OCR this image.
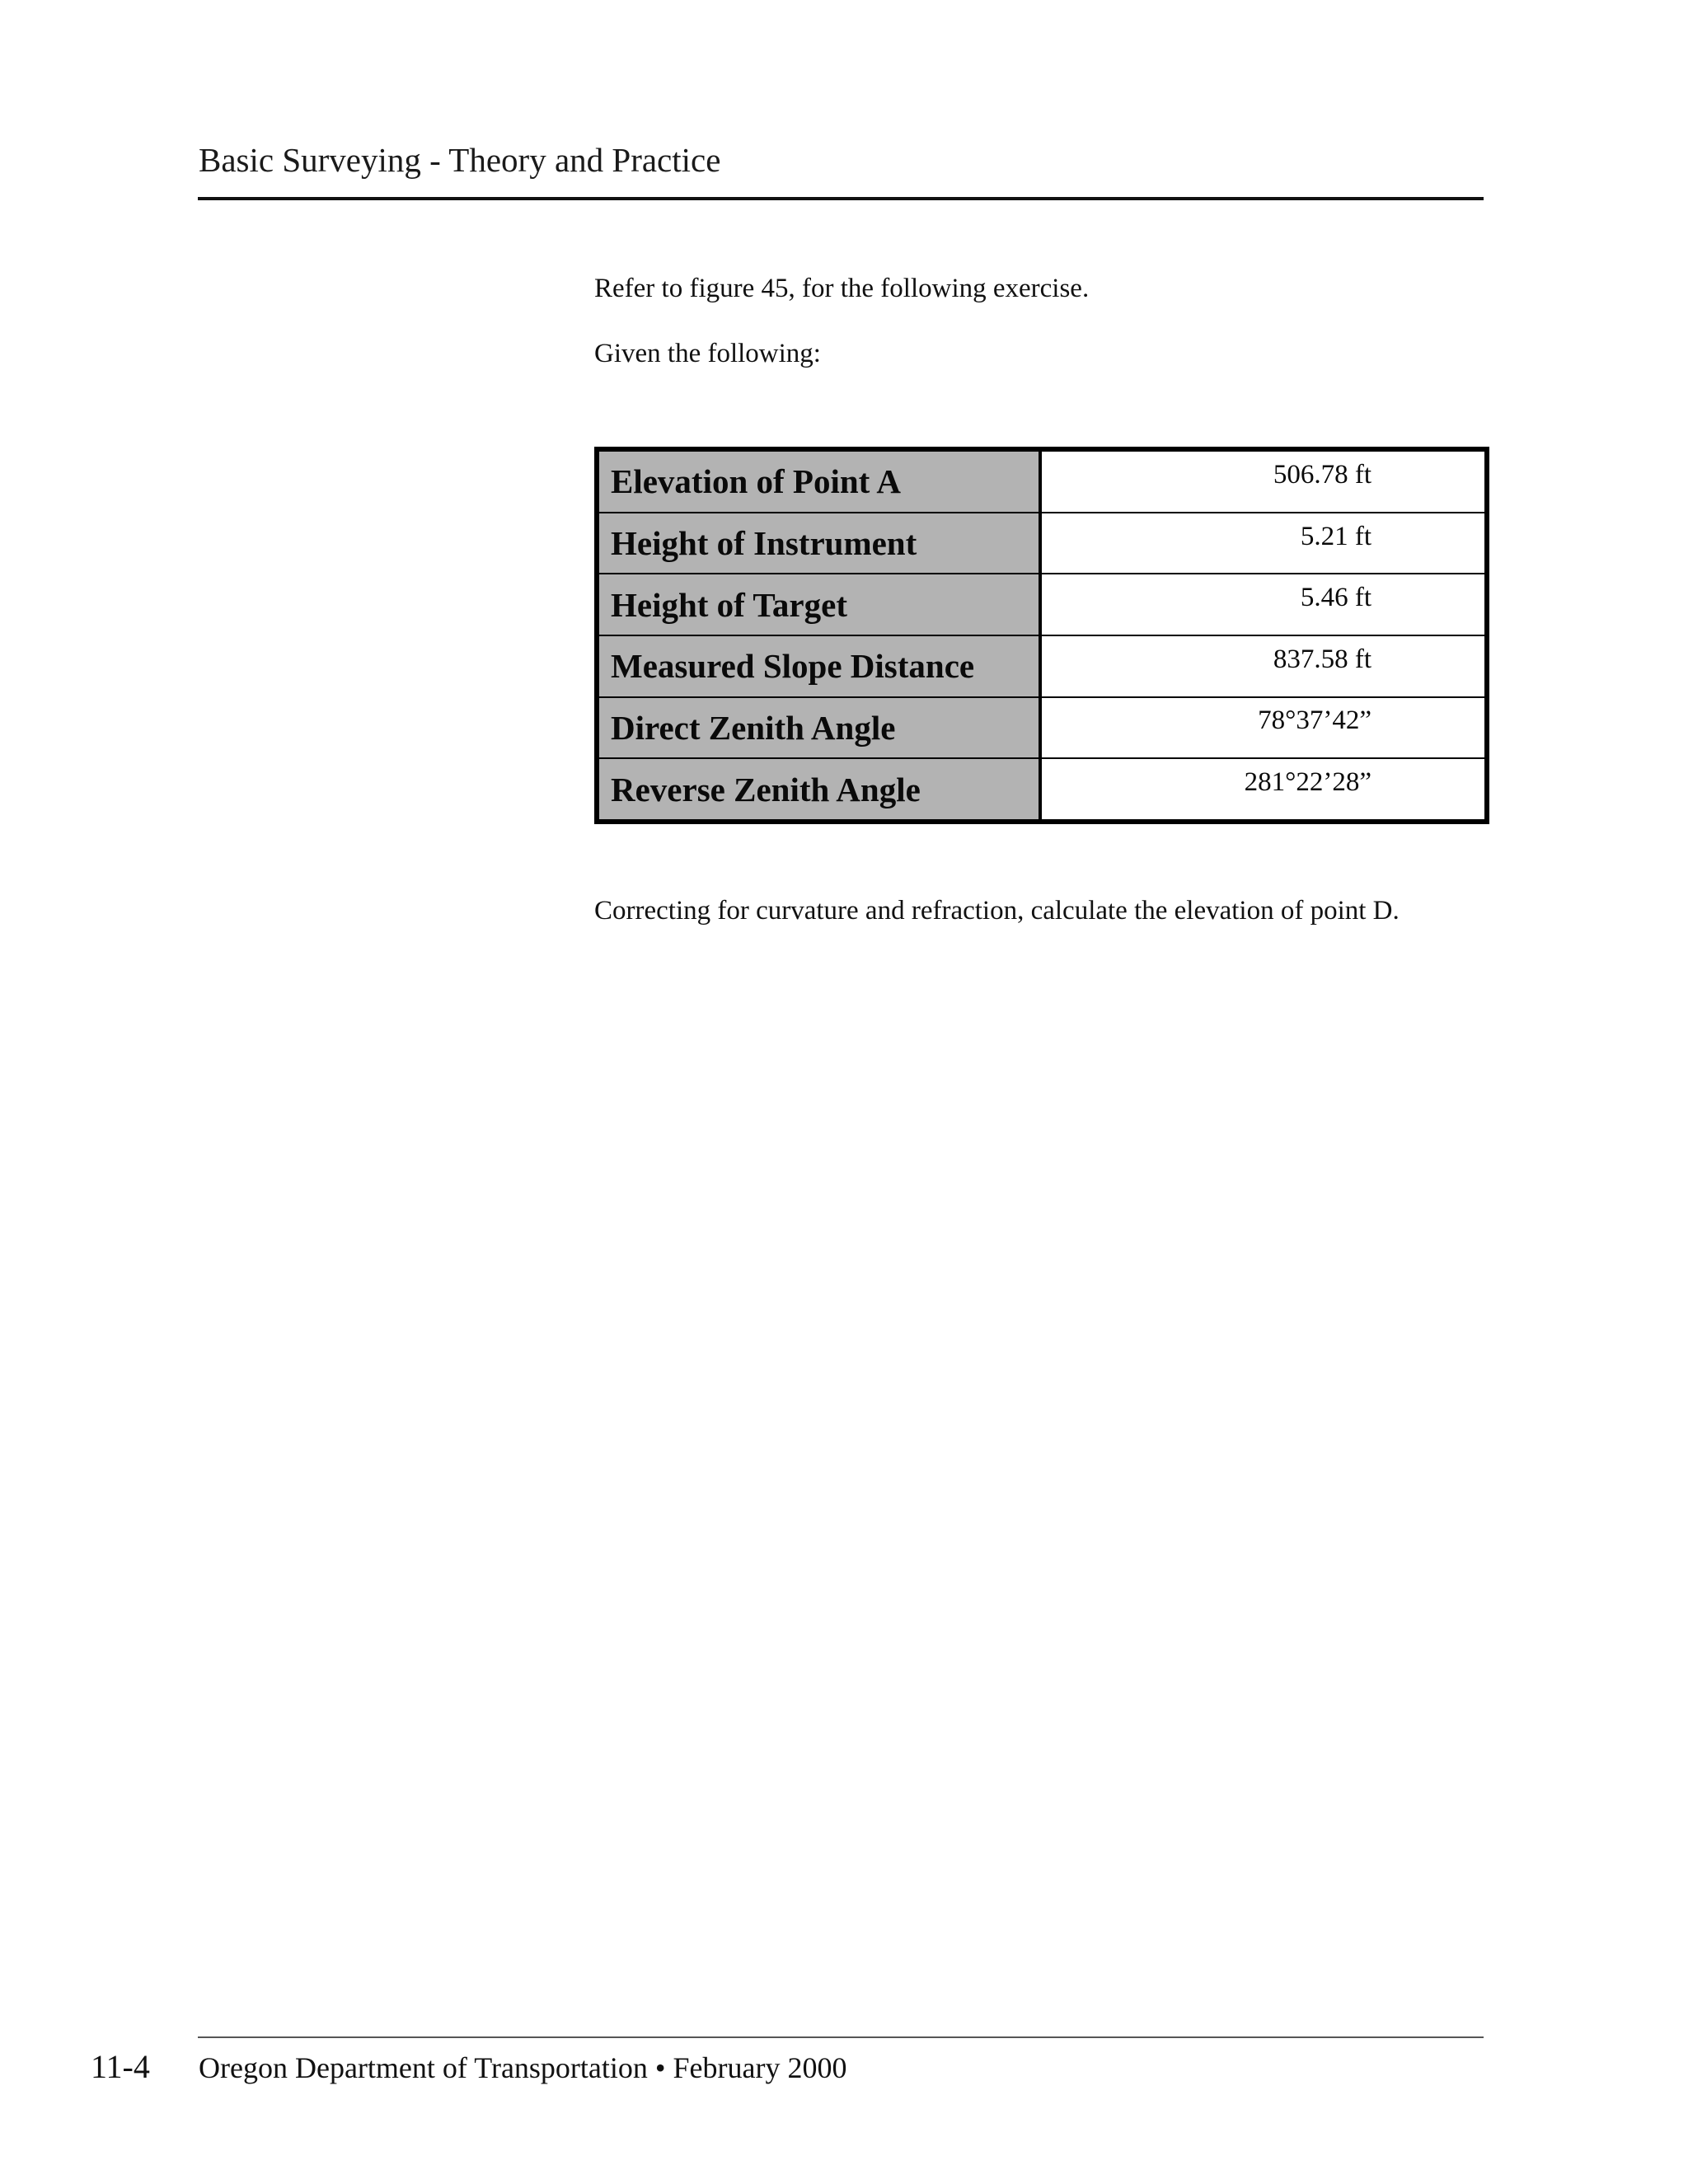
Basic Surveying - Theory and Practice
Refer to figure 45, for the following exercise.
Given the following:
Elevation of Point A	506.78 ft
Height of Instrument	5.21 ft
Height of Target	5.46 ft
Measured Slope Distance	837.58 ft
Direct Zenith Angle	78°37’42”
Reverse Zenith Angle	281°22’28”
Correcting for curvature and refraction, calculate the elevation of point D.
11-4 Oregon Department of Transportation • February 2000
